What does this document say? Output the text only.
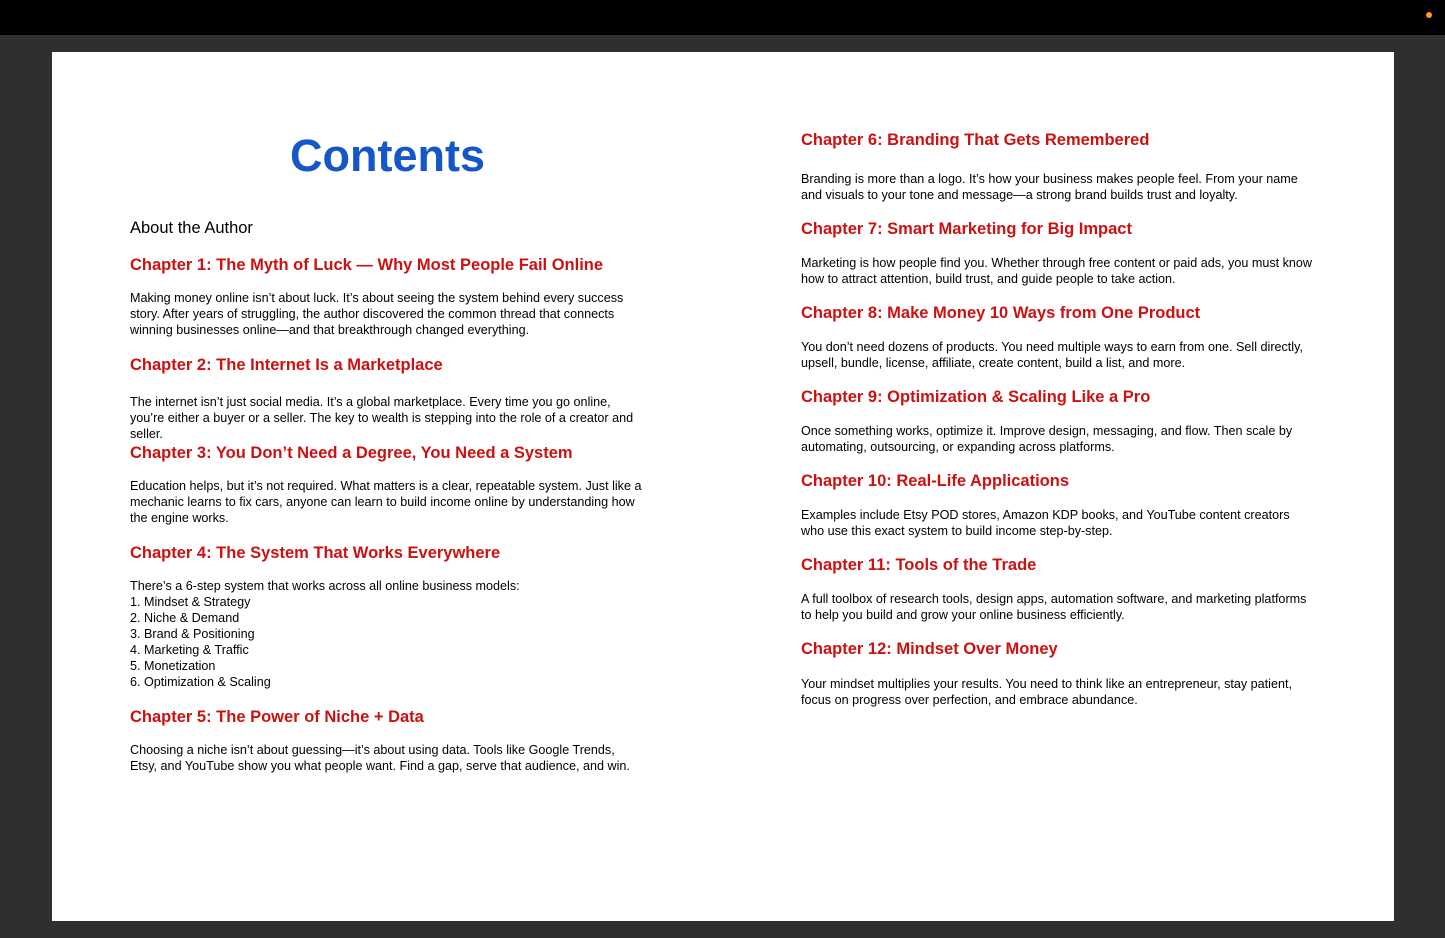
Contents
About the Author
Chapter 1: The Myth of Luck — Why Most People Fail Online

Making money online isn’t about luck. It’s about seeing the system behind every success story. After years of struggling, the author discovered the common thread that connects winning businesses online—and that breakthrough changed everything.

Chapter 2: The Internet Is a Marketplace

The internet isn’t just social media. It’s a global marketplace. Every time you go online, you’re either a buyer or a seller. The key to wealth is stepping into the role of a creator and seller.

Chapter 3: You Don’t Need a Degree, You Need a System

Education helps, but it’s not required. What matters is a clear, repeatable system. Just like a mechanic learns to fix cars, anyone can learn to build income online by understanding how the engine works.

Chapter 4: The System That Works Everywhere

There’s a 6-step system that works across all online business models:

1. Mindset & Strategy
2. Niche & Demand
3. Brand & Positioning
4. Marketing & Traffic
5. Monetization
6. Optimization & Scaling
Chapter 5: The Power of Niche + Data

Choosing a niche isn’t about guessing—it’s about using data. Tools like Google Trends, Etsy, and YouTube show you what people want. Find a gap, serve that audience, and win.

Chapter 6: Branding That Gets Remembered

Branding is more than a logo. It’s how your business makes people feel. From your name and visuals to your tone and message—a strong brand builds trust and loyalty.

Chapter 7: Smart Marketing for Big Impact

Marketing is how people find you. Whether through free content or paid ads, you must know how to attract attention, build trust, and guide people to take action.

Chapter 8: Make Money 10 Ways from One Product

You don’t need dozens of products. You need multiple ways to earn from one. Sell directly, upsell, bundle, license, affiliate, create content, build a list, and more.

Chapter 9: Optimization & Scaling Like a Pro

Once something works, optimize it. Improve design, messaging, and flow. Then scale by automating, outsourcing, or expanding across platforms.

Chapter 10: Real-Life Applications

Examples include Etsy POD stores, Amazon KDP books, and YouTube content creators who use this exact system to build income step-by-step.

Chapter 11: Tools of the Trade

A full toolbox of research tools, design apps, automation software, and marketing platforms to help you build and grow your online business efficiently.

Chapter 12: Mindset Over Money

Your mindset multiplies your results. You need to think like an entrepreneur, stay patient, focus on progress over perfection, and embrace abundance.
